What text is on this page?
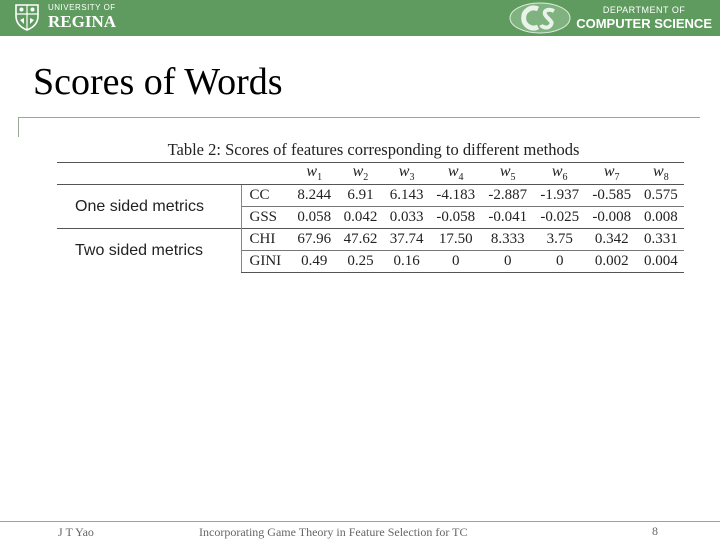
UNIVERSITY OF
REGINA
DEPARTMENT OF
COMPUTER SCIENCE
Scores of Words
Table 2: Scores of features corresponding to different methods
		$w_1$	$w_2$	$w_3$	$w_4$	$w_5$	$w_6$	$w_7$	$w_8$
One sided metrics	CC	8.244	6.91	6.143	-4.183	-2.887	-1.937	-0.585	0.575
	GSS	0.058	0.042	0.033	-0.058	-0.041	-0.025	-0.008	0.008
Two sided metrics	CHI	67.96	47.62	37.74	17.50	8.333	3.75	0.342	0.331
	GINI	0.49	0.25	0.16	0	0	0	0.002	0.004
J T Yao	Incorporating Game Theory in Feature Selection for TC	8
